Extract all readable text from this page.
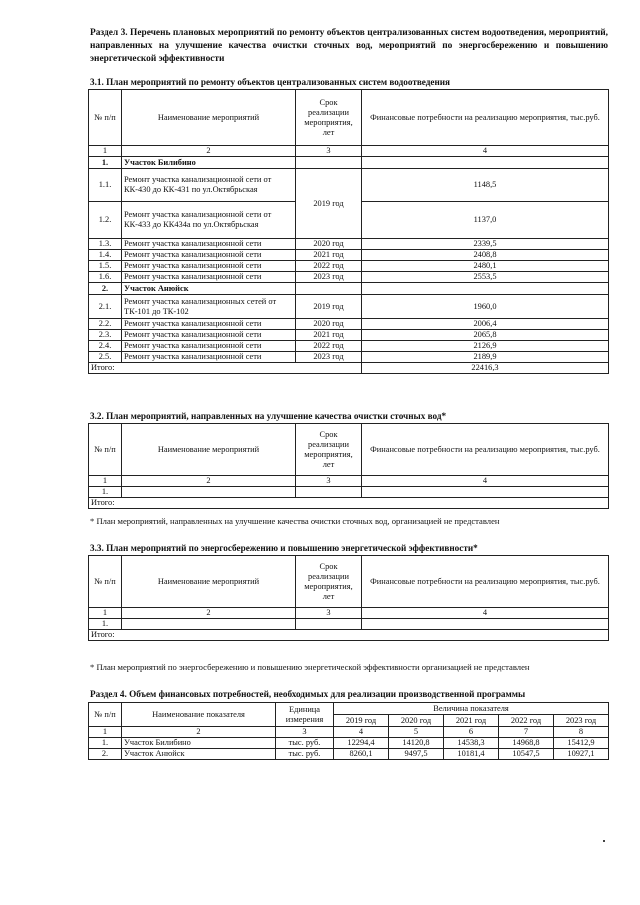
Раздел 3. Перечень плановых мероприятий по ремонту объектов централизованных систем водоотведения, мероприятий, направленных на улучшение качества очистки сточных вод, мероприятий по энергосбережению и повышению энергетической эффективности
3.1. План мероприятий по ремонту объектов централизованных систем водоотведения
№ п/п	Наименование мероприятий	Срок реализации мероприятия, лет	Финансовые потребности на реализацию мероприятия, тыс.руб.
1	2	3	4
1.	Участок Билибино		
1.1.	Ремонт участка канализационной сети от КК-430 до КК-431 по ул.Октябрьская	2019 год	1148,5
1.2.	Ремонт участка канализационной сети от КК-433 до КК434а по ул.Октябрьская		1137,0
1.3.	Ремонт участка канализационной сети	2020 год	2339,5
1.4.	Ремонт участка канализационной сети	2021 год	2408,8
1.5.	Ремонт участка канализационной сети	2022 год	2480,1
1.6.	Ремонт участка канализационной сети	2023 год	2553,5
2.	Участок Анюйск		
2.1.	Ремонт участка канализационных сетей от ТК-101 до ТК-102	2019 год	1960,0
2.2.	Ремонт участка канализационной сети	2020 год	2006,4
2.3.	Ремонт участка канализационной сети	2021 год	2065,8
2.4.	Ремонт участка канализационной сети	2022 год	2126,9
2.5.	Ремонт участка канализационной сети	2023 год	2189,9
Итого:			22416,3
3.2. План мероприятий, направленных на улучшение качества очистки сточных вод*
№ п/п	Наименование мероприятий	Срок реализации мероприятия, лет	Финансовые потребности на реализацию мероприятия, тыс.руб.
1	2	3	4
1.			
Итого:			
* План мероприятий, направленных на улучшение качества очистки сточных вод, организацией не представлен
3.3. План мероприятий по энергосбережению и повышению энергетической эффективности*
№ п/п	Наименование мероприятий	Срок реализации мероприятия, лет	Финансовые потребности на реализацию мероприятия, тыс.руб.
1	2	3	4
1.			
Итого:			
* План мероприятий по энергосбережению и повышению энергетической эффективности организацией не представлен
Раздел 4. Объем финансовых потребностей, необходимых для реализации производственной программы
№ п/п	Наименование показателя	Единица измерения	Величина показателя				
			2019 год	2020 год	2021 год	2022 год	2023 год
1	2	3	4	5	6	7	8
1.	Участок Билибино	тыс. руб.	12294,4	14120,8	14538,3	14968,8	15412,9
2.	Участок Анюйск	тыс. руб.	8260,1	9497,5	10181,4	10547,5	10927,1
